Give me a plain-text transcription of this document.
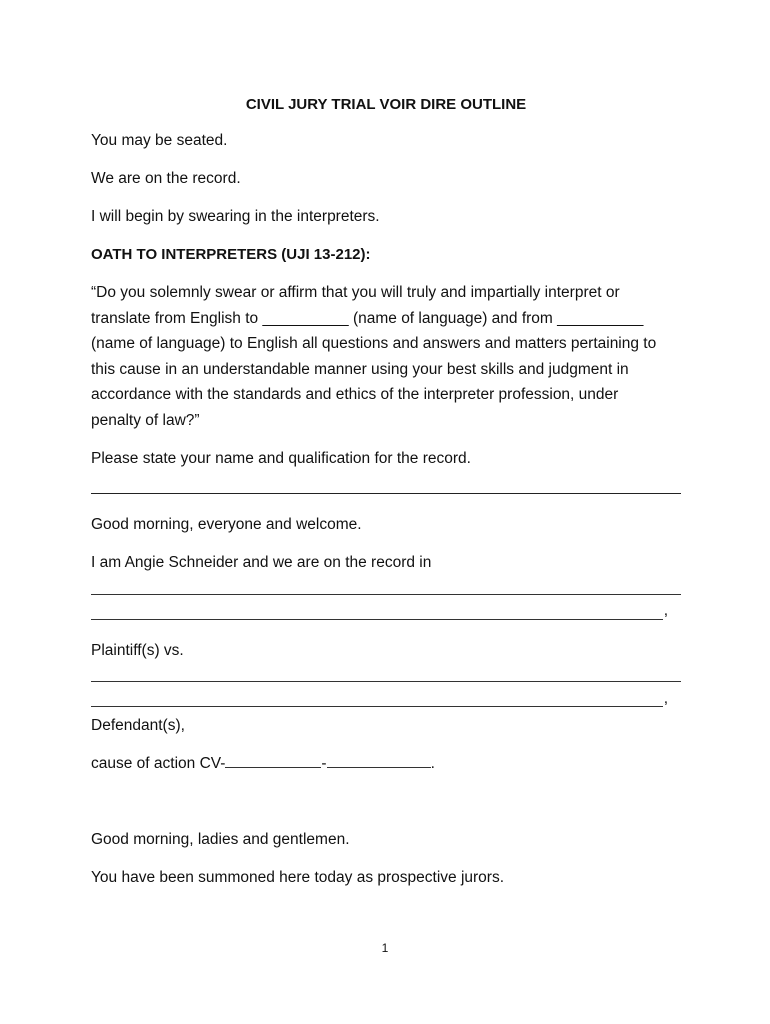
CIVIL JURY TRIAL VOIR DIRE OUTLINE

You may be seated.

We are on the record.

I will begin by swearing in the interpreters.

OATH TO INTERPRETERS (UJI 13-212):

“Do you solemnly swear or affirm that you will truly and impartially interpret or
translate from English to __________ (name of language) and from __________
(name of language) to English all questions and answers and matters pertaining to
this cause in an understandable manner using your best skills and judgment in
accordance with the standards and ethics of the interpreter profession, under
penalty of law?”

Please state your name and qualification for the record.

Good morning, everyone and welcome.

I am Angie Schneider and we are on the record in

,

Plaintiff(s) vs.

,

Defendant(s),

cause of action CV-	-	.

Good morning, ladies and gentlemen.

You have been summoned here today as prospective jurors.

1
